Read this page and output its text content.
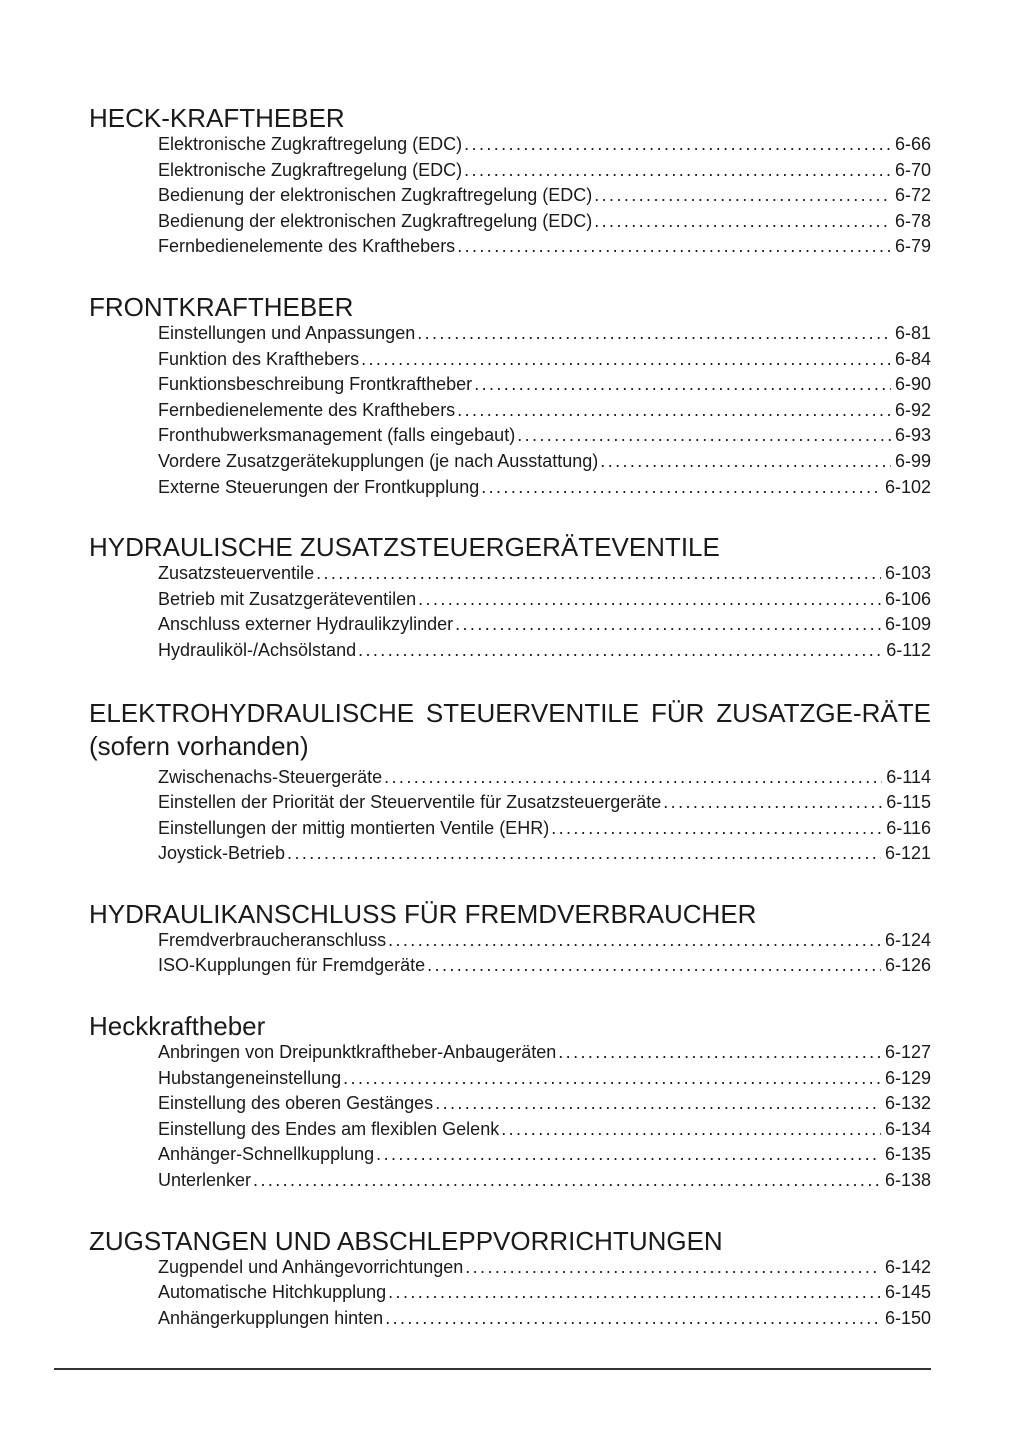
HECK-KRAFTHEBER
Elektronische Zugkraftregelung (EDC) .....	6-66
Elektronische Zugkraftregelung (EDC) .....	6-70
Bedienung der elektronischen Zugkraftregelung (EDC) .....	6-72
Bedienung der elektronischen Zugkraftregelung (EDC) .....	6-78
Fernbedienelemente des Krafthebers .....	6-79
FRONTKRAFTHEBER
Einstellungen und Anpassungen .....	6-81
Funktion des Krafthebers .....	6-84
Funktionsbeschreibung Frontkraftheber .....	6-90
Fernbedienelemente des Krafthebers .....	6-92
Fronthubwerksmanagement (falls eingebaut) .....	6-93
Vordere Zusatzgerätekupplungen (je nach Ausstattung) .....	6-99
Externe Steuerungen der Frontkupplung .....	6-102
HYDRAULISCHE ZUSATZSTEUERGERÄTEVENTILE
Zusatzsteuerventile .....	6-103
Betrieb mit Zusatzgeräteventilen .....	6-106
Anschluss externer Hydraulikzylinder .....	6-109
Hydrauliköl-/Achsölstand .....	6-112
ELEKTROHYDRAULISCHE STEUERVENTILE FÜR ZUSATZGE-RÄTE (sofern vorhanden)
Zwischenachs-Steuergeräte .....	6-114
Einstellen der Priorität der Steuerventile für Zusatzsteuergeräte .....	6-115
Einstellungen der mittig montierten Ventile (EHR) .....	6-116
Joystick-Betrieb .....	6-121
HYDRAULIKANSCHLUSS FÜR FREMDVERBRAUCHER
Fremdverbraucheranschluss .....	6-124
ISO-Kupplungen für Fremdgeräte .....	6-126
Heckkraftheber
Anbringen von Dreipunktkraftheber-Anbaugeräten .....	6-127
Hubstangeneinstellung .....	6-129
Einstellung des oberen Gestänges .....	6-132
Einstellung des Endes am flexiblen Gelenk .....	6-134
Anhänger-Schnellkupplung .....	6-135
Unterlenker .....	6-138
ZUGSTANGEN UND ABSCHLEPPVORRICHTUNGEN
Zugpendel und Anhängevorrichtungen .....	6-142
Automatische Hitchkupplung .....	6-145
Anhängerkupplungen hinten .....	6-150
